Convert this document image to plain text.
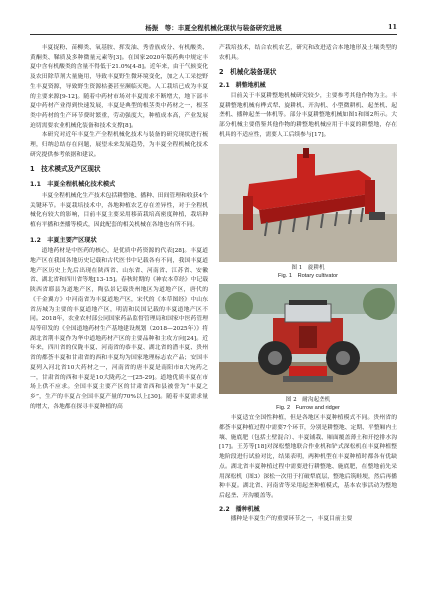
杨振　等：丰夏全程机械化现状与装备研究进展	11

丰夏捉粉、苗柳类、氧基胺、挥发油、秀香族成分、有机酸类、黄酮类、鞣质及多种微量元素等[3]。在国家2020年版药典中规定丰夏中含有机酸类的含量不得低于21.0%[4-8]。近年来，由于气候变化及农田除草剂大量施用，导致丰夏野生微环境变化，加之人工采挖野生丰夏资源，导致野生资源枯萎甚至濒临灭绝。人工栽培已成为丰夏的主要来源[9-12]。随着中药材市场对丰夏需求不断增大，地下部丰夏中药材产业得到快速发展，丰夏是典型的根茎类中药材之一，根茎类中药材的生产环节费时繁重，劳动强度大，种植成本高，产业发展迫切需要农业机械化装备和技术支撑[8]。

本研究对近年丰夏生产全程机械化技术与装备的研究现状进行梳理，归纳总结存在问题，展望未来发展趋势，为丰夏全程机械化技术研究提供参考依据和建议。

1　技术模式及产区现状
1.1　丰夏全程机械化技术模式

丰夏全程机械化生产技术包括耕整地、播种、田间管理和收获4个关键环节。丰夏栽培技术中，各地种植农艺存在差异性，对于全程机械化有较大的影响，目前丰夏主要采用移苗栽培高密度种植，栽培种植有平播和垄播等模式，因此配套的相关机械在各地也有所不同。

1.2　丰夏主要产区现状

道地药材是中医药的核心，是优质中药资源的代表[28]。丰夏道地产区在我国各地历史记载和古代医书中记载各有不同，我国丰夏道地产区历史上先后出现在陕西省、山东省、河南省、江苏省、安徽省、湖北省和四川省等地[13-15]。春秋时期的《神农本草经》中记载陕西省耶县为道地产区，陶弘景记载贵州地区为道地产区，唐代的《千金翼方》中河南省为丰夏道地产区，宋代的《本草图经》中山东省历城为主要的丰夏道地产区，明清和民国记载的丰夏道地产区不同。2018年，农业农村部公同国家药品监督管理局和国家中医药管理局等印发的《全国道地药材生产基地建设规划（2018—2025年）》将湖北省荆丰夏作为华中道地药材产区的主要品种和主攻方向[24]。近年来，四川省的仪陇丰夏、河南省的恭丰夏、湖北省的潜丰夏、贵州省的都荟丰夏和甘肃省的西和丰夏均为国家地理标志农产品；安国丰夏列入河北省10大药材之一，河南省的唐丰夏是南阳市8大宛药之一，甘肃省的西和丰夏是10大陇药之一[25-29]。道地优质丰夏在市场上供不应求。全国丰夏主要产区的甘肃省西和县被誉为“丰夏之乡”，生产的丰夏占全国丰夏产量的70%以上[30]。随着丰夏需求量的增大，各地都在探寻丰夏种植的高

产栽培技术，结合农机农艺，研究和改进适合本地地形及土壤类型的农机具。

2　机械化装备现状
2.1　耕整地机械

目前关于丰夏耕整地机械研究较少，主要参考其他作物为主。丰夏耕整地机械有桦式犁、旋耕机、开沟机、小型微耕机、起垄机、起垄机、播种起垄一体机等。部分丰夏耕整地机械如图1和图2所示。大部分机械主要借鉴其他作物的耕整地机械应用于丰夏的耕整地，存在机具的不适应性，需要人工后续参与[17]。

图 1　旋耕机
Fig. 1　Rotary cultivator
图 2　耐沟起垄机
Fig. 2　Furrow and ridger

丰夏适宜全国性种植，但是各地区丰夏种植模式不同。贵州省的都荟丰夏种植过程中需要7个环节，分别是耕整地、定期、平整厢内土壤、施底肥（包括土壁混合）、丰夏铺栽、厢面覆盖薄土和开挖排水沟[17]。王芳等[18]对深松整地联合作业机和铲式深松机在丰夏种植整地阶段进行试验对比，结果表明，两种机型在丰夏种植时都各有优缺点。湖北省丰夏种植过程中需要进行耕整地、施底肥，在整地前先采用深松机（图3）深松一次用于打破犁底层，整地后筑畦埂，然后再播种丰夏。湖北省、河南省等采用起垄种植模式，基本农事活动为整地后起垄、开沟覆盖等。

2.2　播种机械

播种是丰夏生产的重要环节之一，丰夏目前主要
